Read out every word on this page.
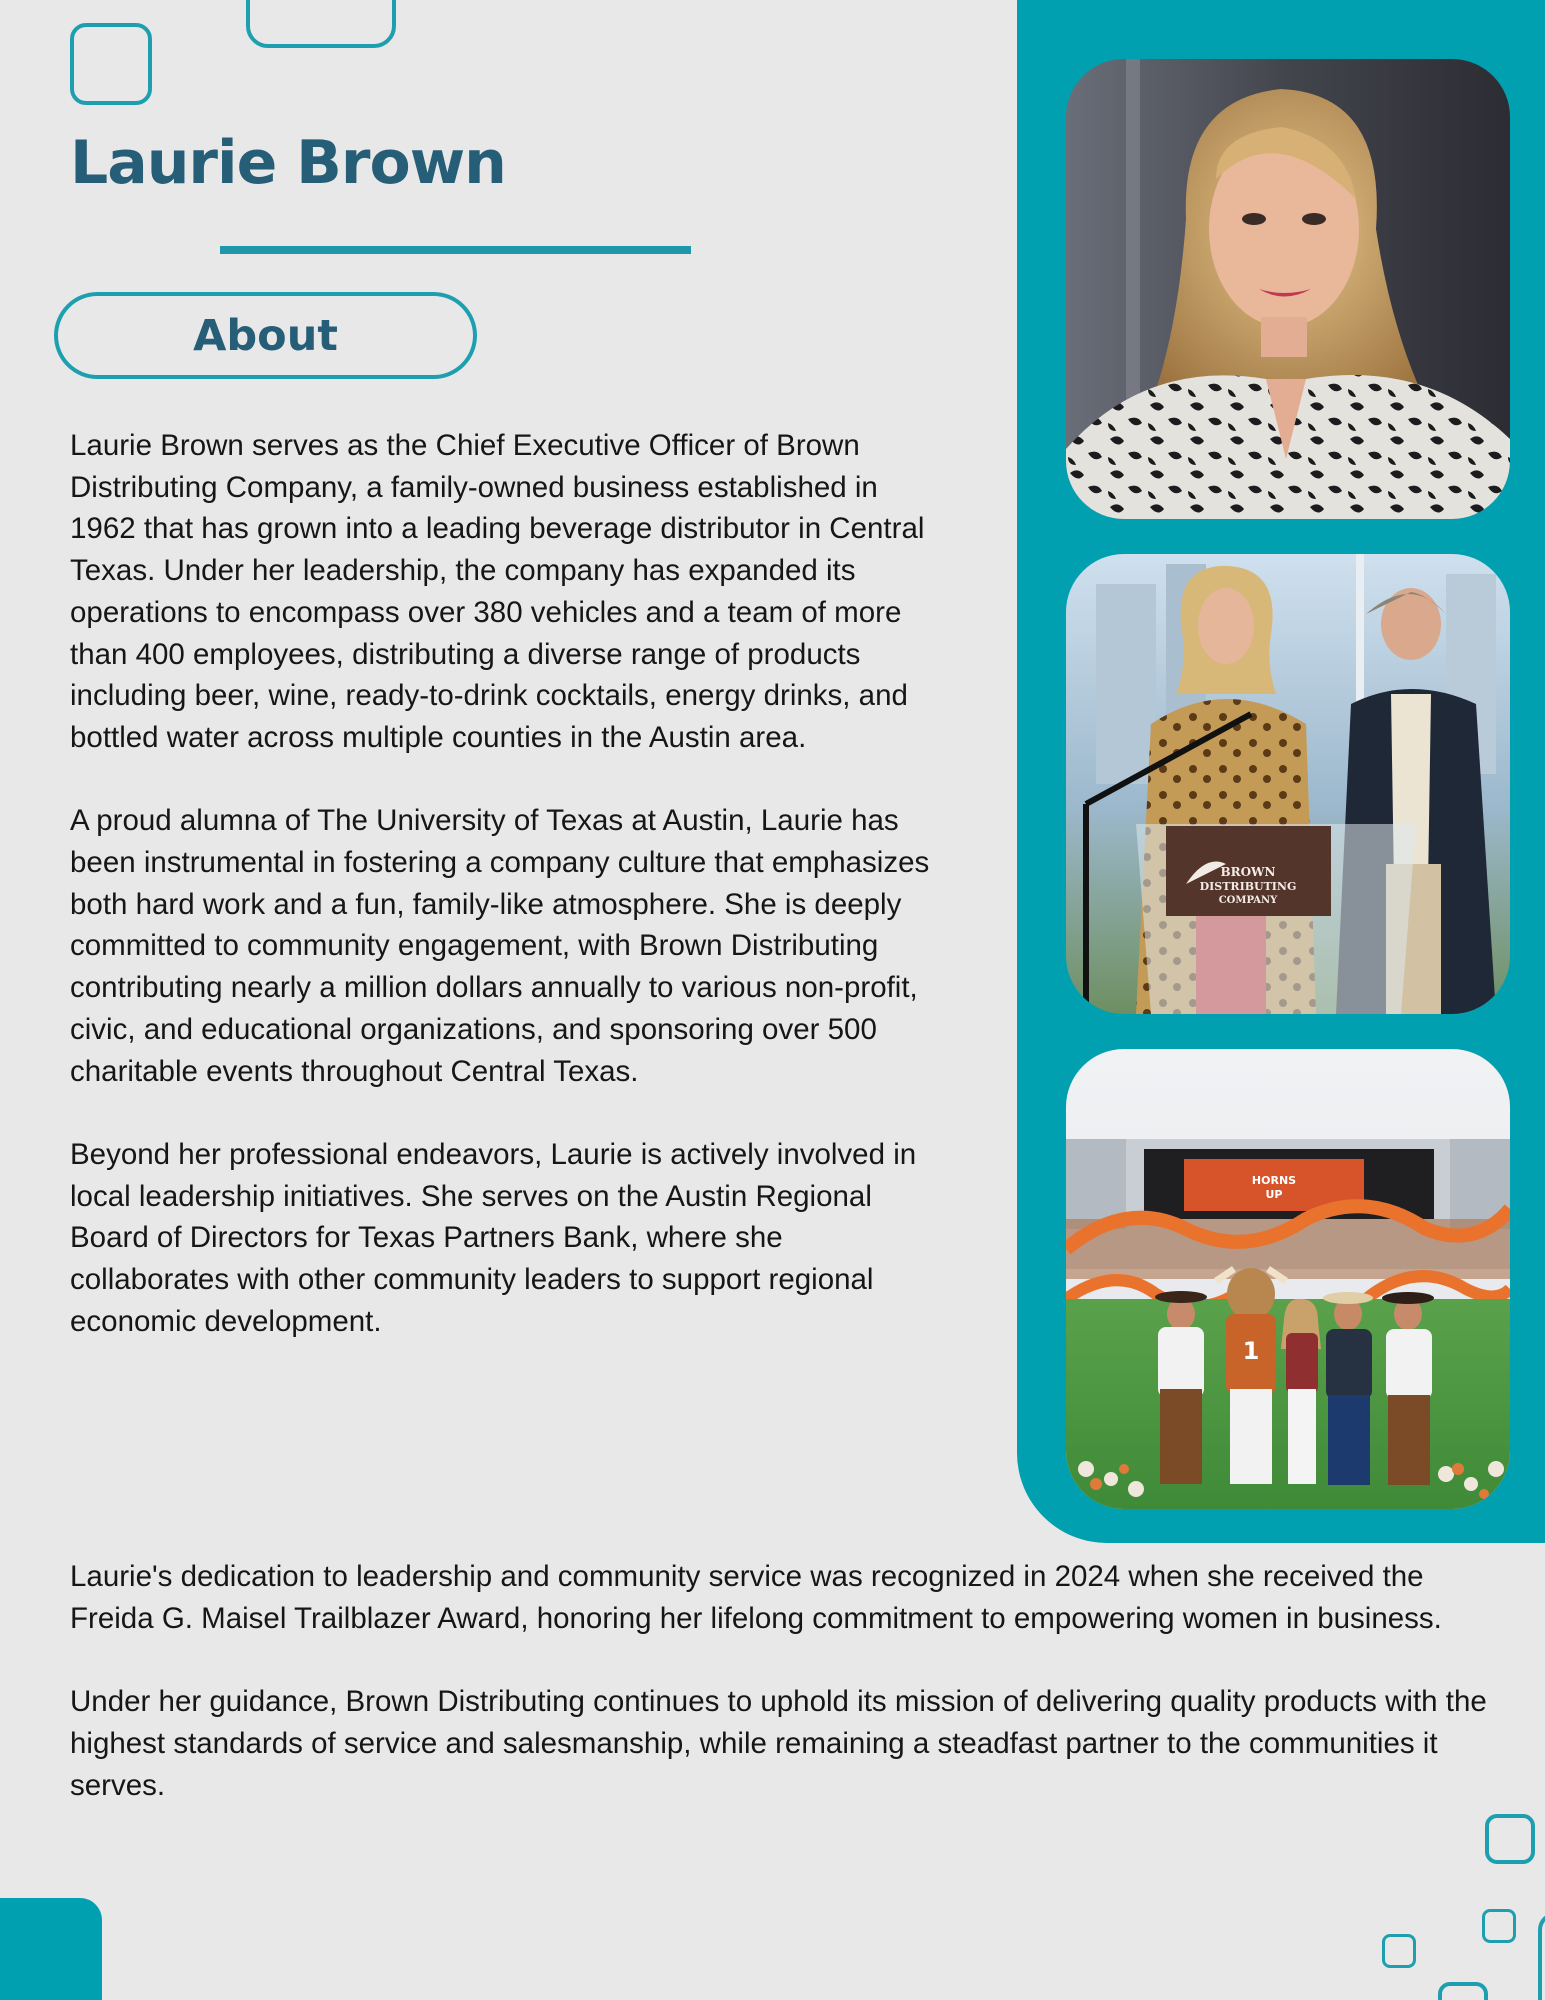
Laurie Brown
About

Laurie Brown serves as the Chief Executive Officer of Brown Distributing Company, a family-owned business established in 1962 that has grown into a leading beverage distributor in Central Texas. Under her leadership, the company has expanded its operations to encompass over 380 vehicles and a team of more than 400 employees, distributing a diverse range of products including beer, wine, ready-to-drink cocktails, energy drinks, and bottled water across multiple counties in the Austin area.

A proud alumna of The University of Texas at Austin, Laurie has been instrumental in fostering a company culture that emphasizes both hard work and a fun, family-like atmosphere. She is deeply committed to community engagement, with Brown Distributing contributing nearly a million dollars annually to various non-profit, civic, and educational organizations, and sponsoring over 500 charitable events throughout Central Texas.

Beyond her professional endeavors, Laurie is actively involved in local leadership initiatives. She serves on the Austin Regional Board of Directors for Texas Partners Bank, where she collaborates with other community leaders to support regional economic development.

Laurie's dedication to leadership and community service was recognized in 2024 when she received the Freida G. Maisel Trailblazer Award, honoring her lifelong commitment to empowering women in business.

Under her guidance, Brown Distributing continues to uphold its mission of delivering quality products with the highest standards of service and salesmanship, while remaining a steadfast partner to the communities it serves.

BROWN
DISTRIBUTING
COMPANY
HORNS
UP
1
